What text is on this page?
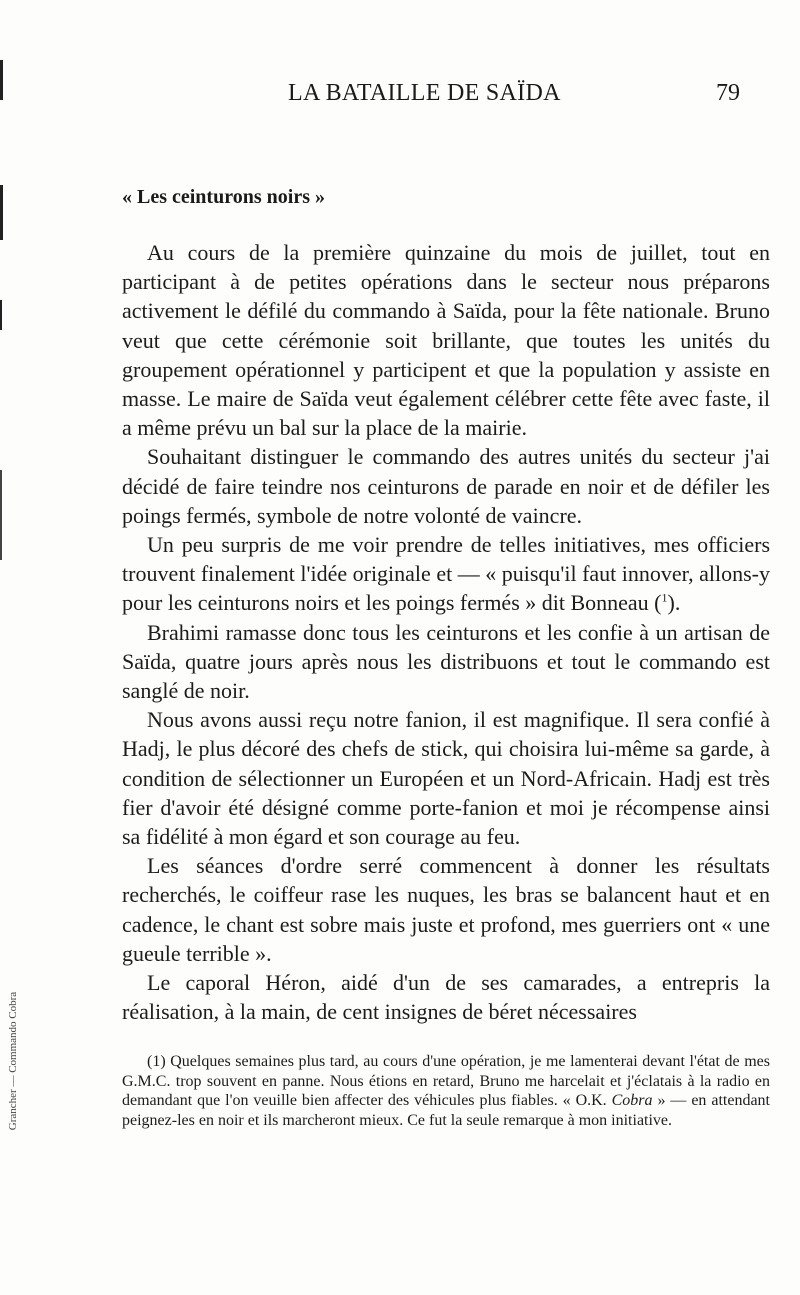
Grancher — Commando Cobra
LA BATAILLE DE SAÏDA	79
« Les ceinturons noirs »

Au cours de la première quinzaine du mois de juillet, tout en participant à de petites opérations dans le secteur nous préparons activement le défilé du commando à Saïda, pour la fête nationale. Bruno veut que cette cérémonie soit brillante, que toutes les unités du groupement opérationnel y participent et que la population y assiste en masse. Le maire de Saïda veut également célébrer cette fête avec faste, il a même prévu un bal sur la place de la mairie.

Souhaitant distinguer le commando des autres unités du secteur j'ai décidé de faire teindre nos ceinturons de parade en noir et de défiler les poings fermés, symbole de notre volonté de vaincre.

Un peu surpris de me voir prendre de telles initiatives, mes officiers trouvent finalement l'idée originale et — « puisqu'il faut innover, allons-y pour les ceinturons noirs et les poings fermés » dit Bonneau ($^1$).

Brahimi ramasse donc tous les ceinturons et les confie à un artisan de Saïda, quatre jours après nous les distribuons et tout le commando est sanglé de noir.

Nous avons aussi reçu notre fanion, il est magnifique. Il sera confié à Hadj, le plus décoré des chefs de stick, qui choisira lui-même sa garde, à condition de sélectionner un Européen et un Nord-Africain. Hadj est très fier d'avoir été désigné comme porte-fanion et moi je récompense ainsi sa fidélité à mon égard et son courage au feu.

Les séances d'ordre serré commencent à donner les résultats recherchés, le coiffeur rase les nuques, les bras se balancent haut et en cadence, le chant est sobre mais juste et profond, mes guerriers ont « une gueule terrible ».

Le caporal Héron, aidé d'un de ses camarades, a entrepris la réalisation, à la main, de cent insignes de béret nécessaires

(1) Quelques semaines plus tard, au cours d'une opération, je me lamenterai devant l'état de mes G.M.C. trop souvent en panne. Nous étions en retard, Bruno me harcelait et j'éclatais à la radio en demandant que l'on veuille bien affecter des véhicules plus fiables. « O.K. Cobra » — en attendant peignez-les en noir et ils marcheront mieux. Ce fut la seule remarque à mon initiative.
